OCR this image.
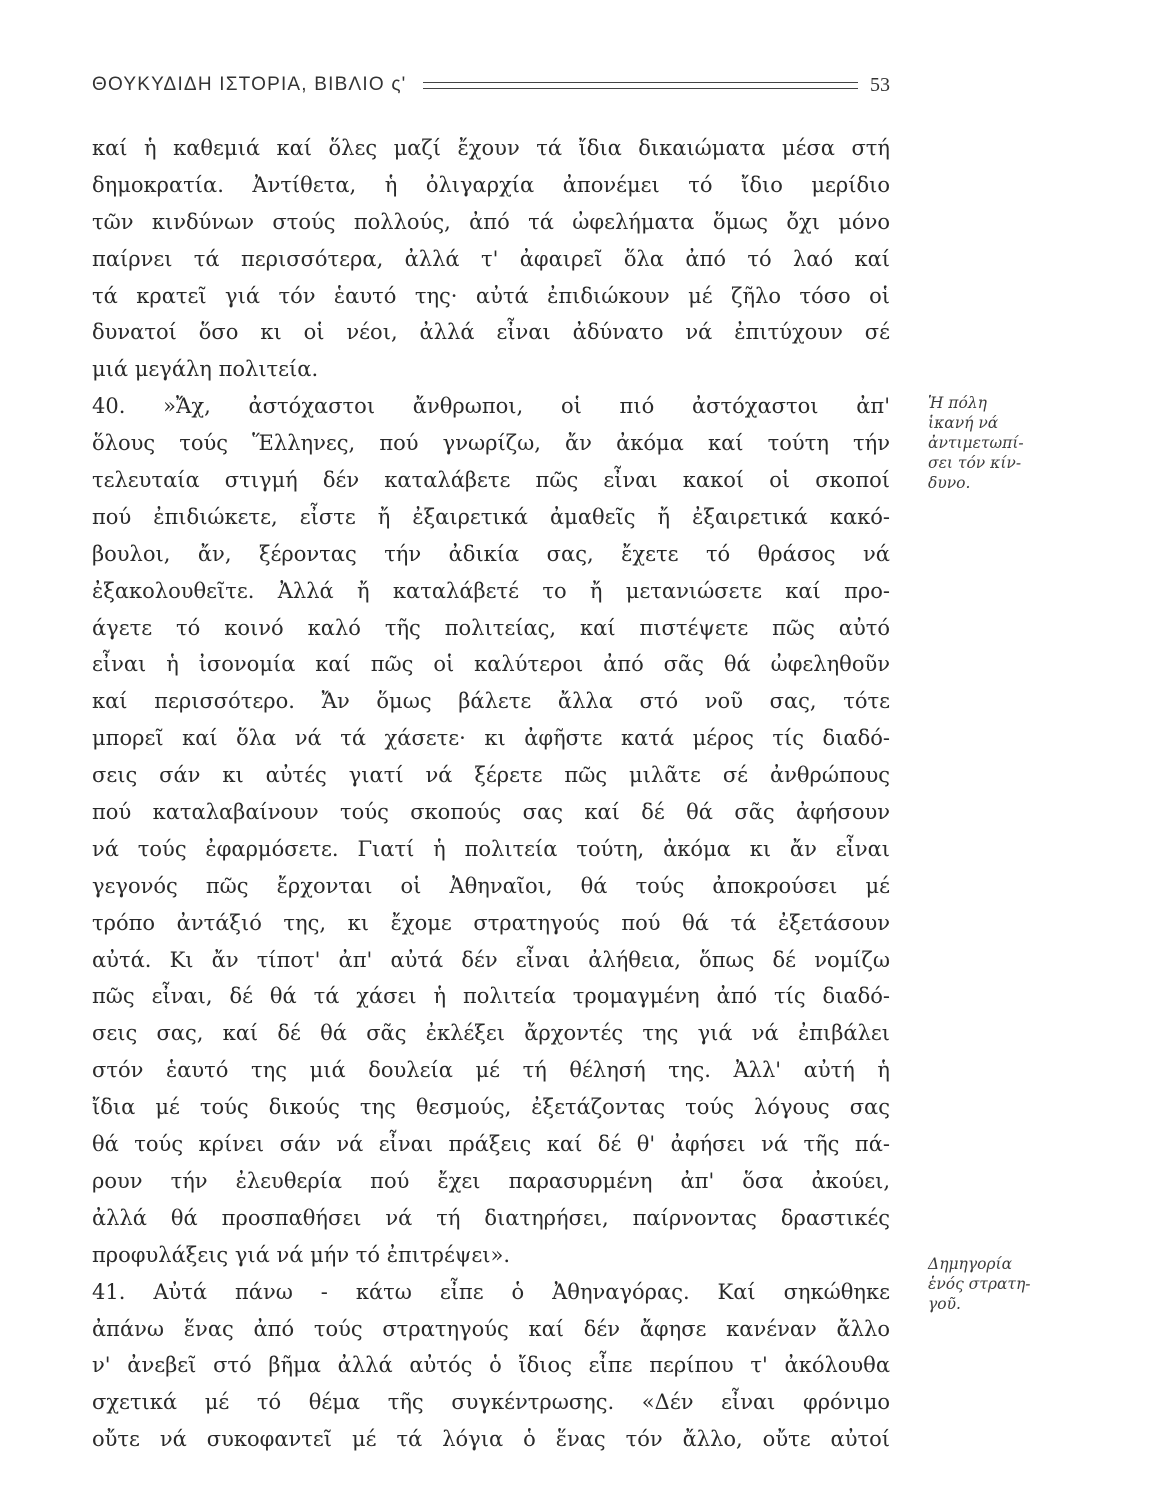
ΘΟΥΚΥΔΙΔΗ ΙΣΤΟΡΙΑ, ΒΙΒΛΙΟ ς'	53
καί ἡ καθεμιά καί ὅλες μαζί ἔχουν τά ἴδια δικαιώματα μέσα στή
δημοκρατία. Ἀντίθετα, ἡ ὀλιγαρχία ἀπονέμει τό ἴδιο μερίδιο
τῶν κινδύνων στούς πολλούς, ἀπό τά ὠφελήματα ὅμως ὄχι μόνο
παίρνει τά περισσότερα, ἀλλά τ' ἀφαιρεῖ ὅλα ἀπό τό λαό καί
τά κρατεῖ γιά τόν ἑαυτό της· αὐτά ἐπιδιώκουν μέ ζῆλο τόσο οἱ
δυνατοί ὅσο κι οἱ νέοι, ἀλλά εἶναι ἀδύνατο νά ἐπιτύχουν σέ
μιά μεγάλη πολιτεία.
40. »Ἄχ, ἀστόχαστοι ἄνθρωποι, οἱ πιό ἀστόχαστοι ἀπ'
ὅλους τούς Ἕλληνες, πού γνωρίζω, ἄν ἀκόμα καί τούτη τήν
τελευταία στιγμή δέν καταλάβετε πῶς εἶναι κακοί οἱ σκοποί
πού ἐπιδιώκετε, εἶστε ἤ ἐξαιρετικά ἀμαθεῖς ἤ ἐξαιρετικά κακό-
βουλοι, ἄν, ξέροντας τήν ἀδικία σας, ἔχετε τό θράσος νά
ἐξακολουθεῖτε. Ἀλλά ἤ καταλάβετέ το ἤ μετανιώσετε καί προ-
άγετε τό κοινό καλό τῆς πολιτείας, καί πιστέψετε πῶς αὐτό
εἶναι ἡ ἰσονομία καί πῶς οἱ καλύτεροι ἀπό σᾶς θά ὠφεληθοῦν
καί περισσότερο. Ἄν ὅμως βάλετε ἄλλα στό νοῦ σας, τότε
μπορεῖ καί ὅλα νά τά χάσετε· κι ἀφῆστε κατά μέρος τίς διαδό-
σεις σάν κι αὐτές γιατί νά ξέρετε πῶς μιλᾶτε σέ ἀνθρώπους
πού καταλαβαίνουν τούς σκοπούς σας καί δέ θά σᾶς ἀφήσουν
νά τούς ἐφαρμόσετε. Γιατί ἡ πολιτεία τούτη, ἀκόμα κι ἄν εἶναι
γεγονός πῶς ἔρχονται οἱ Ἀθηναῖοι, θά τούς ἀποκρούσει μέ
τρόπο ἀντάξιό της, κι ἔχομε στρατηγούς πού θά τά ἐξετάσουν
αὐτά. Κι ἄν τίποτ' ἀπ' αὐτά δέν εἶναι ἀλήθεια, ὅπως δέ νομίζω
πῶς εἶναι, δέ θά τά χάσει ἡ πολιτεία τρομαγμένη ἀπό τίς διαδό-
σεις σας, καί δέ θά σᾶς ἐκλέξει ἄρχοντές της γιά νά ἐπιβάλει
στόν ἑαυτό της μιά δουλεία μέ τή θέλησή της. Ἀλλ' αὐτή ἡ
ἴδια μέ τούς δικούς της θεσμούς, ἐξετάζοντας τούς λόγους σας
θά τούς κρίνει σάν νά εἶναι πράξεις καί δέ θ' ἀφήσει νά τῆς πά-
ρουν τήν ἐλευθερία πού ἔχει παρασυρμένη ἀπ' ὅσα ἀκούει,
ἀλλά θά προσπαθήσει νά τή διατηρήσει, παίρνοντας δραστικές
προφυλάξεις γιά νά μήν τό ἐπιτρέψει».
41. Αὐτά πάνω - κάτω εἶπε ὁ Ἀθηναγόρας. Καί σηκώθηκε
ἀπάνω ἕνας ἀπό τούς στρατηγούς καί δέν ἄφησε κανέναν ἄλλο
ν' ἀνεβεῖ στό βῆμα ἀλλά αὐτός ὁ ἴδιος εἶπε περίπου τ' ἀκόλουθα
σχετικά μέ τό θέμα τῆς συγκέντρωσης. «Δέν εἶναι φρόνιμο
οὔτε νά συκοφαντεῖ μέ τά λόγια ὁ ἕνας τόν ἄλλο, οὔτε αὐτοί
Ἡ πόλη
ἱκανή νά
ἀντιμετωπί-
σει τόν κίν-
δυνο.
Δημηγορία
ἑνός στρατη-
γοῦ.
